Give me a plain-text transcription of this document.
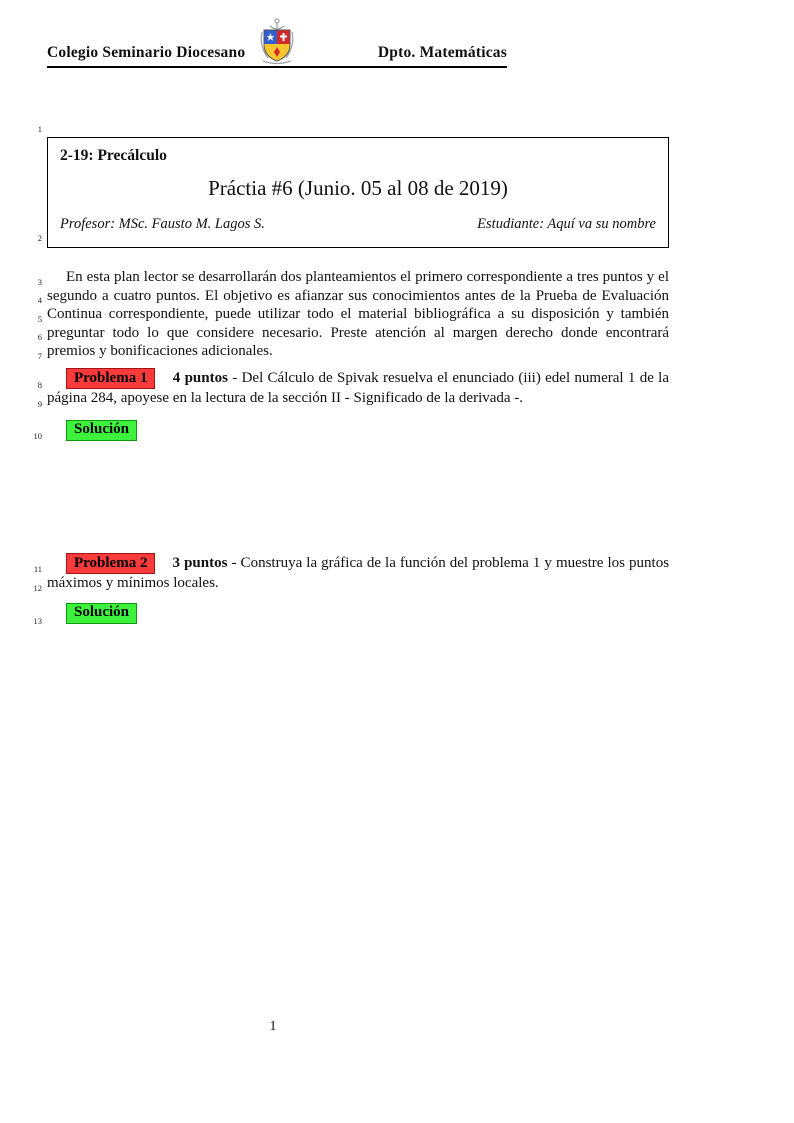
Colegio Seminario Diocesano	Dpto. Matemáticas
1
2
3
4
5
6
7
8
9
10
11
12
13
2-19: Precálculo
Práctia #6 (Junio. 05 al 08 de 2019)
Profesor: MSc. Fausto M. Lagos S.	Estudiante: Aquí va su nombre

En esta plan lector se desarrollarán dos planteamientos el primero correspondiente a tres puntos y el segundo a cuatro puntos. El objetivo es afianzar sus conocimientos antes de la Prueba de Evaluación Continua correspondiente, puede utilizar todo el material bibliográfica a su disposición y también preguntar todo lo que considere necesario. Preste atención al margen derecho donde encontrará premios y bonificaciones adicionales.

Problema 1 4 puntos - Del Cálculo de Spivak resuelva el enunciado (iii) edel numeral 1 de la página 284, apoyese en la lectura de la sección II - Significado de la derivada -.

Solución

Problema 2 3 puntos - Construya la gráfica de la función del problema 1 y muestre los puntos máximos y mínimos locales.

Solución
1
